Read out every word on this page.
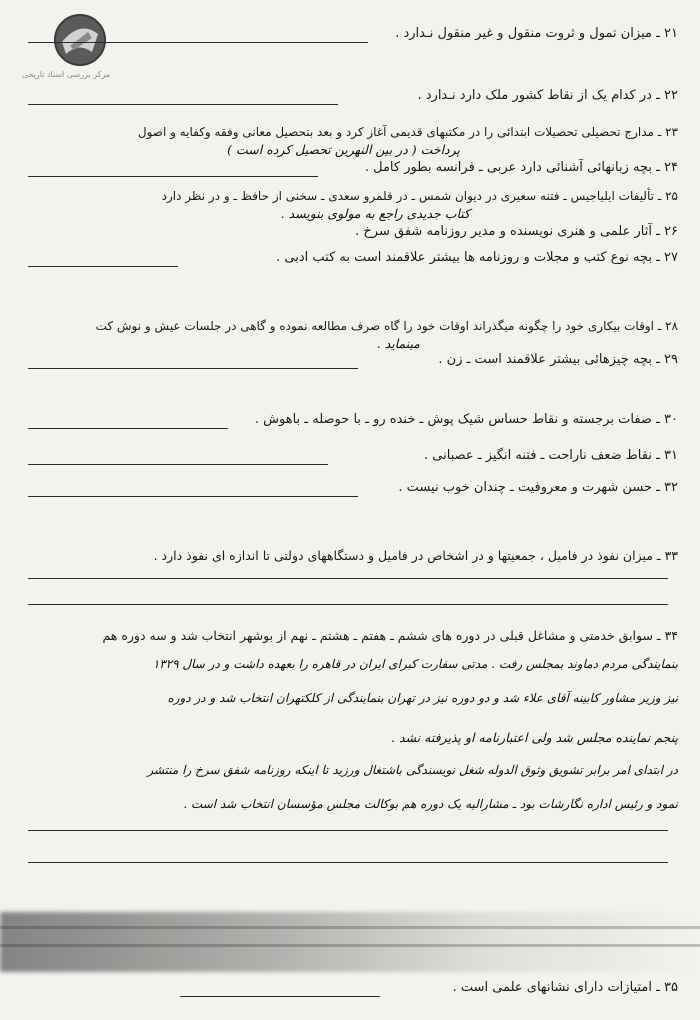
مرکز بررسی اسناد تاریخی
۲۱ ـ میزان تمول و ثروت منقول و غیر منقول نـدارد .
۲۲ ـ در کدام یک از نقاط کشور ملک دارد نـدارد .
۲۳ ـ مدارج تحصیلی تحصیلات ابتدائی را در مکتبهای قدیمی آغاز کرد و بعد بتحصیل معانی وفقه وکفایه و اصول
پرداخت ( در بین النهرین تحصیل کرده است )
۲۴ ـ بچه زبانهائی آشنائی دارد عربی ـ فرانسه بطور کامل .
۲۵ ـ تألیفات ایلیاجیس ـ فتنه سعیری در دیوان شمس ـ در قلمرو سعدی ـ سخنی از حافظ ـ و در نظر دارد
کتاب جدیدی راجع به مولوی بنویسد .
۲۶ ـ آثار علمی و هنری نویسنده و مدیر روزنامه شفق سرخ .
۲۷ ـ بچه نوع کتب و مجلات و روزنامه ها بیشتر علاقمند است به کتب ادبی .
۲۸ ـ اوقات بیکاری خود را چگونه میگذراند اوقات خود را گاه صرف مطالعه نموده و گاهی در جلسات عیش و نوش کت
مینماید .
۲۹ ـ بچه چیزهائی بیشتر علاقمند است ـ زن .
۳۰ ـ صفات برجسته و نقاط حساس شیک پوش ـ خنده رو ـ با حوصله ـ باهوش .
۳۱ ـ نقاط ضعف ناراحت ـ فتنه انگیز ـ عصبانی .
۳۲ ـ حسن شهرت و معروفیت ـ چندان خوب نیست .
۳۳ ـ میزان نفوذ در فامیل ، جمعیتها و در اشخاص در فامیل و دستگاههای دولتی تا اندازه ای نفوذ دارد .
۳۴ ـ سوابق خدمتی و مشاغل قبلی در دوره های ششم ـ هفتم ـ هشتم ـ نهم از بوشهر انتخاب شد و سه دوره هم
بنمایندگی مردم دماوند بمجلس رفت . مدتی سفارت کبرای ایران در قاهره را بعهده داشت و در سال ۱۳۲۹
نیز وزیر مشاور کابینه آقای علاء شد و دو دوره نیز در تهران بنمایندگی از کلکتهران انتخاب شد و در دوره
پنجم نماینده مجلس شد ولی اعتبارنامه او پذیرفته نشد .
در ابتدای امر برابر تشویق وثوق الدوله شغل نویسندگی باشتغال ورزید تا اینکه روزنامه شفق سرخ را منتشر
نمود و رئیس اداره نگارشات بود ـ مشارالیه یک دوره هم بوکالت مجلس مؤسسان انتخاب شد است .
۳۵ ـ امتیازات دارای نشانهای علمی است .
